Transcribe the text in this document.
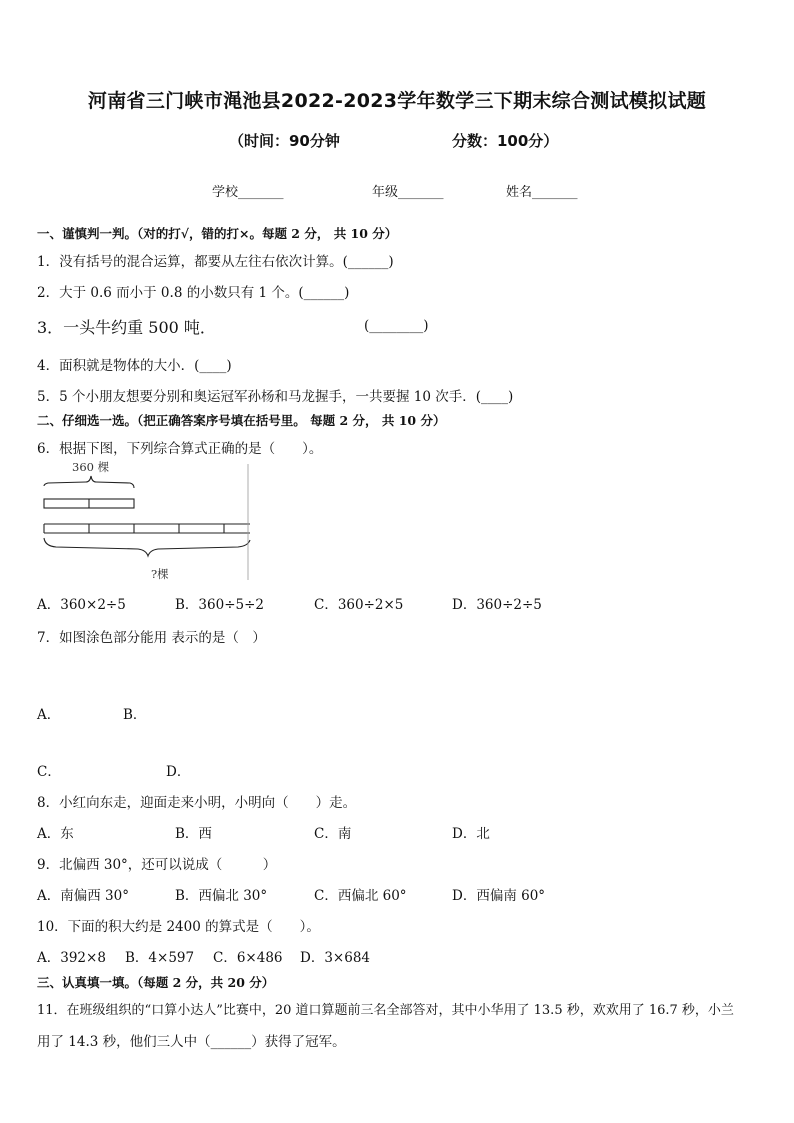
河南省三门峡市渑池县2022-2023学年数学三下期末综合测试模拟试题
（时间：90分钟	分数：100分）
学校_______	年级_______	姓名_______
一、谨慎判一判。（对的打√，错的打×。每题 2 分， 共 10 分）
1．没有括号的混合运算，都要从左往右依次计算。(______)
2．大于 0.6 而小于 0.8 的小数只有 1 个。(______)
3．一头牛约重 500 吨．	(________)
4．面积就是物体的大小．(____)
5．5 个小朋友想要分别和奥运冠军孙杨和马龙握手，一共要握 10 次手．(____)
二、仔细选一选。（把正确答案序号填在括号里。 每题 2 分， 共 10 分）
6．根据下图，下列综合算式正确的是（　　）。
360 棵
?棵
A．360×2÷5	B．360÷5÷2	C．360÷2×5	D．360÷2÷5
7．如图涂色部分能用 表示的是（　）
A．	B．
C．	D．
8．小红向东走，迎面走来小明，小明向（　　）走。
A．东	B．西	C．南	D．北
9．北偏西 30°，还可以说成（　　　）
A．南偏西 30°	B．西偏北 30°	C．西偏北 60°	D．西偏南 60°
10．下面的积大约是 2400 的算式是（　　）。
A．392×8 B．4×597 C．6×486 D．3×684
三、认真填一填。（每题 2 分，共 20 分）
11．在班级组织的“口算小达人”比赛中，20 道口算题前三名全部答对，其中小华用了 13.5 秒，欢欢用了 16.7 秒，小兰
用了 14.3 秒，他们三人中（______）获得了冠军。
